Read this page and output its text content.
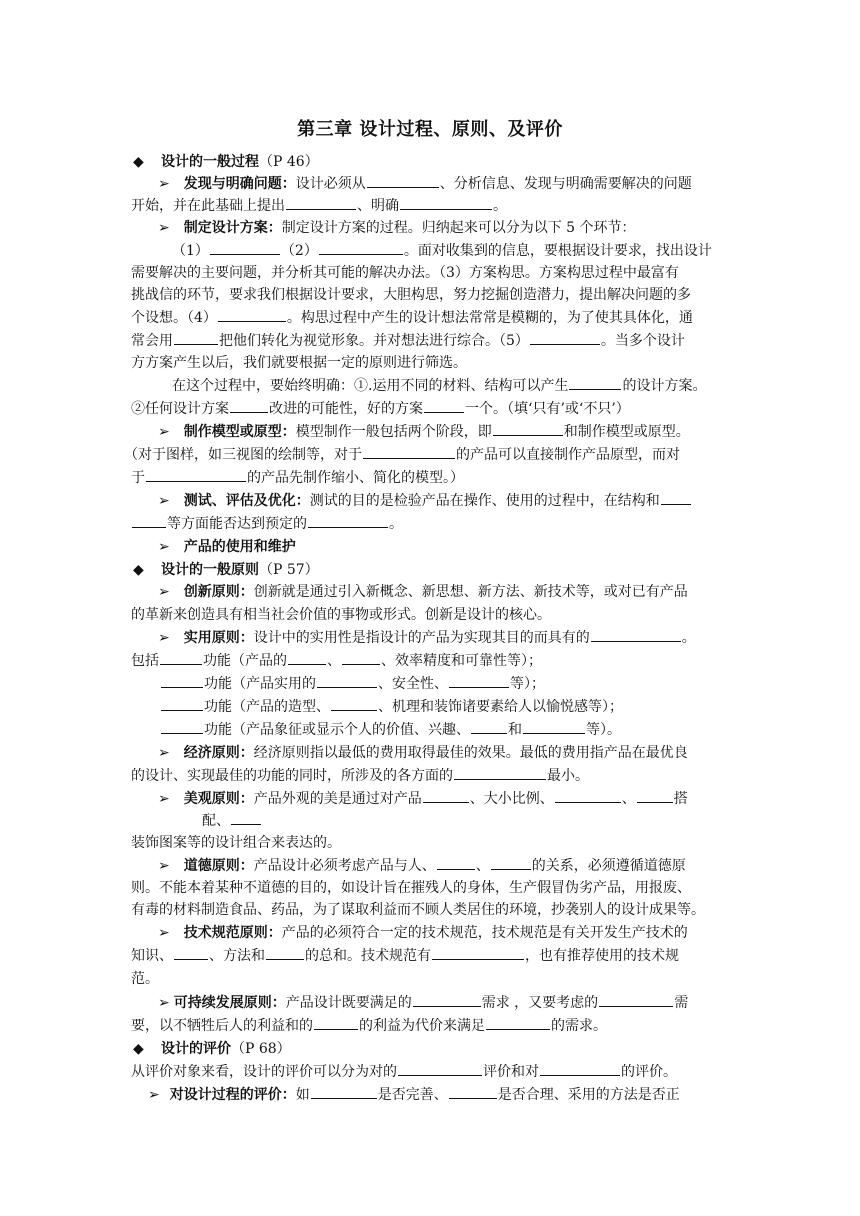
第三章 设计过程、原则、及评价
◆ 设计的一般过程（P 46）
➢ 发现与明确问题：设计必须从	、分析信息、发现与明确需要解决的问题
开始，并在此基础上提出	、明确	。
➢ 制定设计方案：制定设计方案的过程。归纳起来可以分为以下 5 个环节：
（1）	（2）	。面对收集到的信息，要根据设计要求，找出设计
需要解决的主要问题，并分析其可能的解决办法。（3）方案构思。方案构思过程中最富有
挑战信的环节，要求我们根据设计要求，大胆构思，努力挖掘创造潜力，提出解决问题的多
个设想。（4）	。构思过程中产生的设计想法常常是模糊的，为了使其具体化，通
常会用	把他们转化为视觉形象。并对想法进行综合。（5）	。当多个设计
方方案产生以后，我们就要根据一定的原则进行筛选。
在这个过程中，要始终明确：①.运用不同的材料、结构可以产生	的设计方案。
②任何设计方案	改进的可能性，好的方案	一个。（填‘只有’或‘不只’）
➢ 制作模型或原型：模型制作一般包括两个阶段，即	和制作模型或原型。
（对于图样，如三视图的绘制等，对于	的产品可以直接制作产品原型，而对
于	的产品先制作缩小、简化的模型。）
➢ 测试、评估及优化：测试的目的是检验产品在操作、使用的过程中，在结构和
等方面能否达到预定的	。
➢ 产品的使用和维护
◆ 设计的一般原则（P 57）
➢ 创新原则：创新就是通过引入新概念、新思想、新方法、新技术等，或对已有产品
的革新来创造具有相当社会价值的事物或形式。创新是设计的核心。
➢ 实用原则：设计中的实用性是指设计的产品为实现其目的而具有的	。
包括	功能（产品的	、	、效率精度和可靠性等）；
功能（产品实用的	、安全性、	等）；
功能（产品的造型、	、机理和装饰诸要素给人以愉悦感等）；
功能（产品象征或显示个人的价值、兴趣、	和	等）。
➢ 经济原则：经济原则指以最低的费用取得最佳的效果。最低的费用指产品在最优良
的设计、实现最佳的功能的同时，所涉及的各方面的	最小。
➢ 美观原则：产品外观的美是通过对产品	、大小比例、	、	搭
配、
装饰图案等的设计组合来表达的。
➢ 道德原则：产品设计必须考虑产品与人、	、	的关系，必须遵循道德原
则。不能本着某种不道德的目的，如设计旨在摧残人的身体，生产假冒伪劣产品，用报废、
有毒的材料制造食品、药品，为了谋取利益而不顾人类居住的环境，抄袭别人的设计成果等。
➢ 技术规范原则：产品的必须符合一定的技术规范，技术规范是有关开发生产技术的
知识、	、方法和	的总和。技术规范有	，也有推荐使用的技术规
范。
➢ 可持续发展原则：产品设计既要满足的	需求 ，又要考虑的	需
要，以不牺牲后人的利益和的	的利益为代价来满足	的需求。
◆ 设计的评价（P 68）
从评价对象来看，设计的评价可以分为对的	评价和对	的评价。
➢ 对设计过程的评价：如	是否完善、	是否合理、采用的方法是否正
